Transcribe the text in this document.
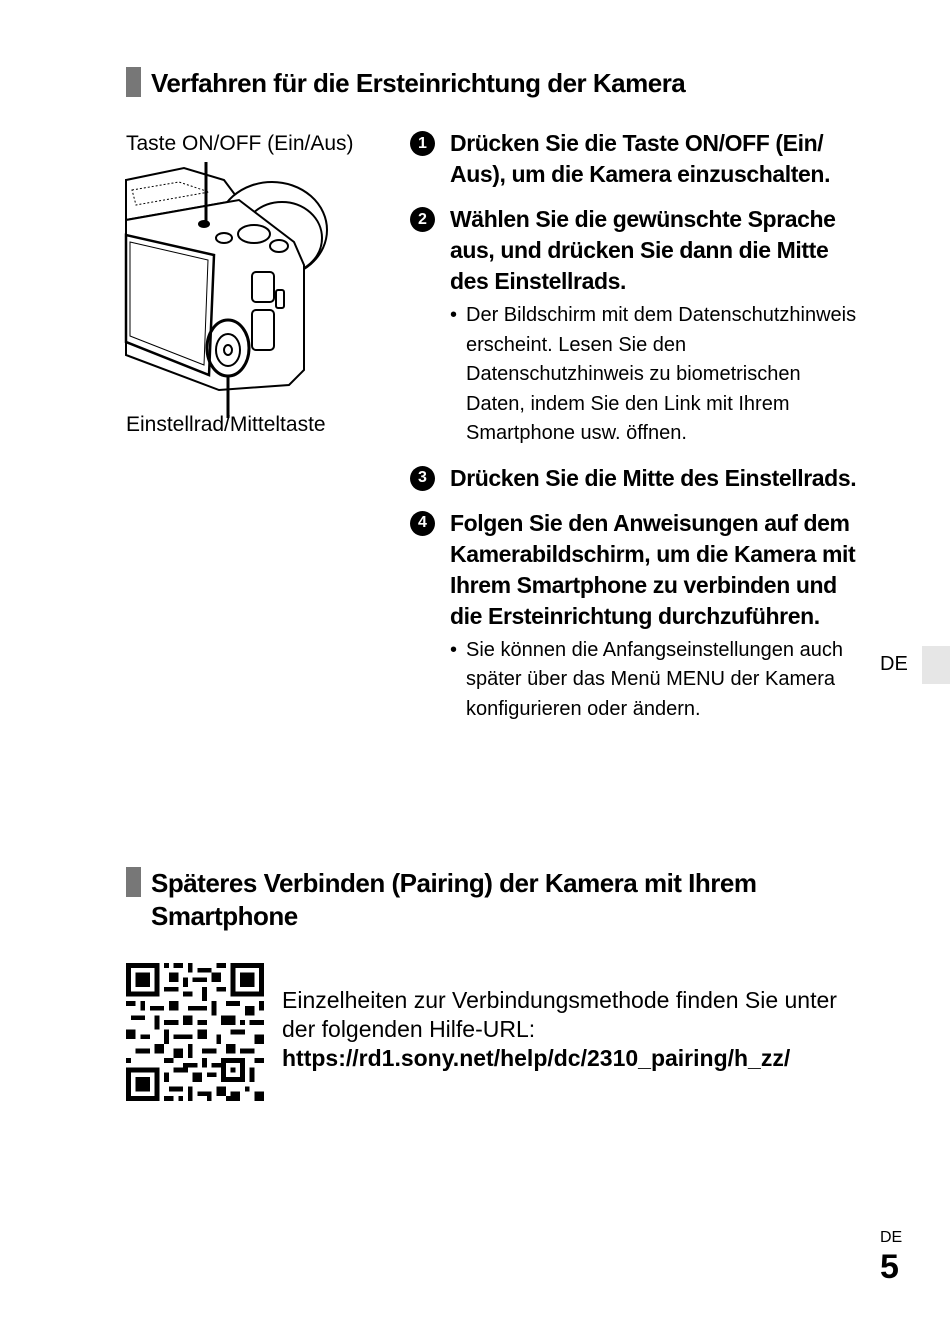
Verfahren für die Ersteinrichtung der Kamera
Taste ON/OFF (Ein/Aus)
Einstellrad/Mitteltaste
1	Drücken Sie die Taste ON/OFF (Ein/ Aus), um die Kamera einzuschalten.
2	Wählen Sie die gewünschte Sprache aus, und drücken Sie dann die Mitte des Einstellrads.
• Der Bildschirm mit dem Datenschutzhinweis erscheint. Lesen Sie den Datenschutzhinweis zu biometrischen Daten, indem Sie den Link mit Ihrem Smartphone usw. öffnen.
3	Drücken Sie die Mitte des Einstellrads.
4	Folgen Sie den Anweisungen auf dem Kamerabildschirm, um die Kamera mit Ihrem Smartphone zu verbinden und die Ersteinrichtung durchzuführen.
• Sie können die Anfangseinstellungen auch später über das Menü MENU der Kamera konfigurieren oder ändern.
Späteres Verbinden (Pairing) der Kamera mit Ihrem Smartphone
Einzelheiten zur Verbindungsmethode finden Sie unter der folgenden Hilfe-URL:
https://rd1.sony.net/help/dc/2310_pairing/h_zz/
DE
DE
5
